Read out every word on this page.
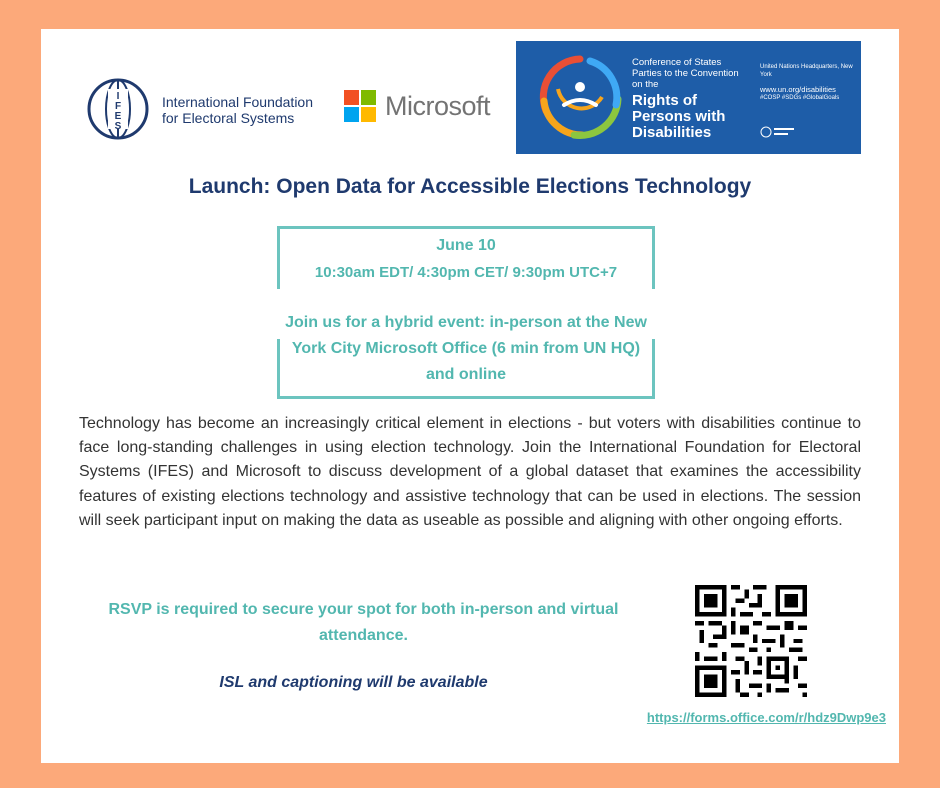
I
F
E
S
International Foundation
for Electoral Systems	Microsoft
Conference of States Parties to the Convention on the
Rights of Persons with Disabilities
United Nations Headquarters, New York
www.un.org/disabilities
#COSP #SDGs #GlobalGoals
Launch: Open Data for Accessible Elections Technology
June 10
10:30am EDT/ 4:30pm CET/ 9:30pm UTC+7
Join us for a hybrid event: in-person at the New York City Microsoft Office (6 min from UN HQ) and online
Technology has become an increasingly critical element in elections - but voters with disabilities continue to face long-standing challenges in using election technology. Join the International Foundation for Electoral Systems (IFES) and Microsoft to discuss development of a global dataset that examines the accessibility features of existing elections technology and assistive technology that can be used in elections. The session will seek participant input on making the data as useable as possible and aligning with other ongoing efforts.
RSVP is required to secure your spot for both in-person and virtual attendance.
ISL and captioning will be available
https://forms.office.com/r/hdz9Dwp9e3
